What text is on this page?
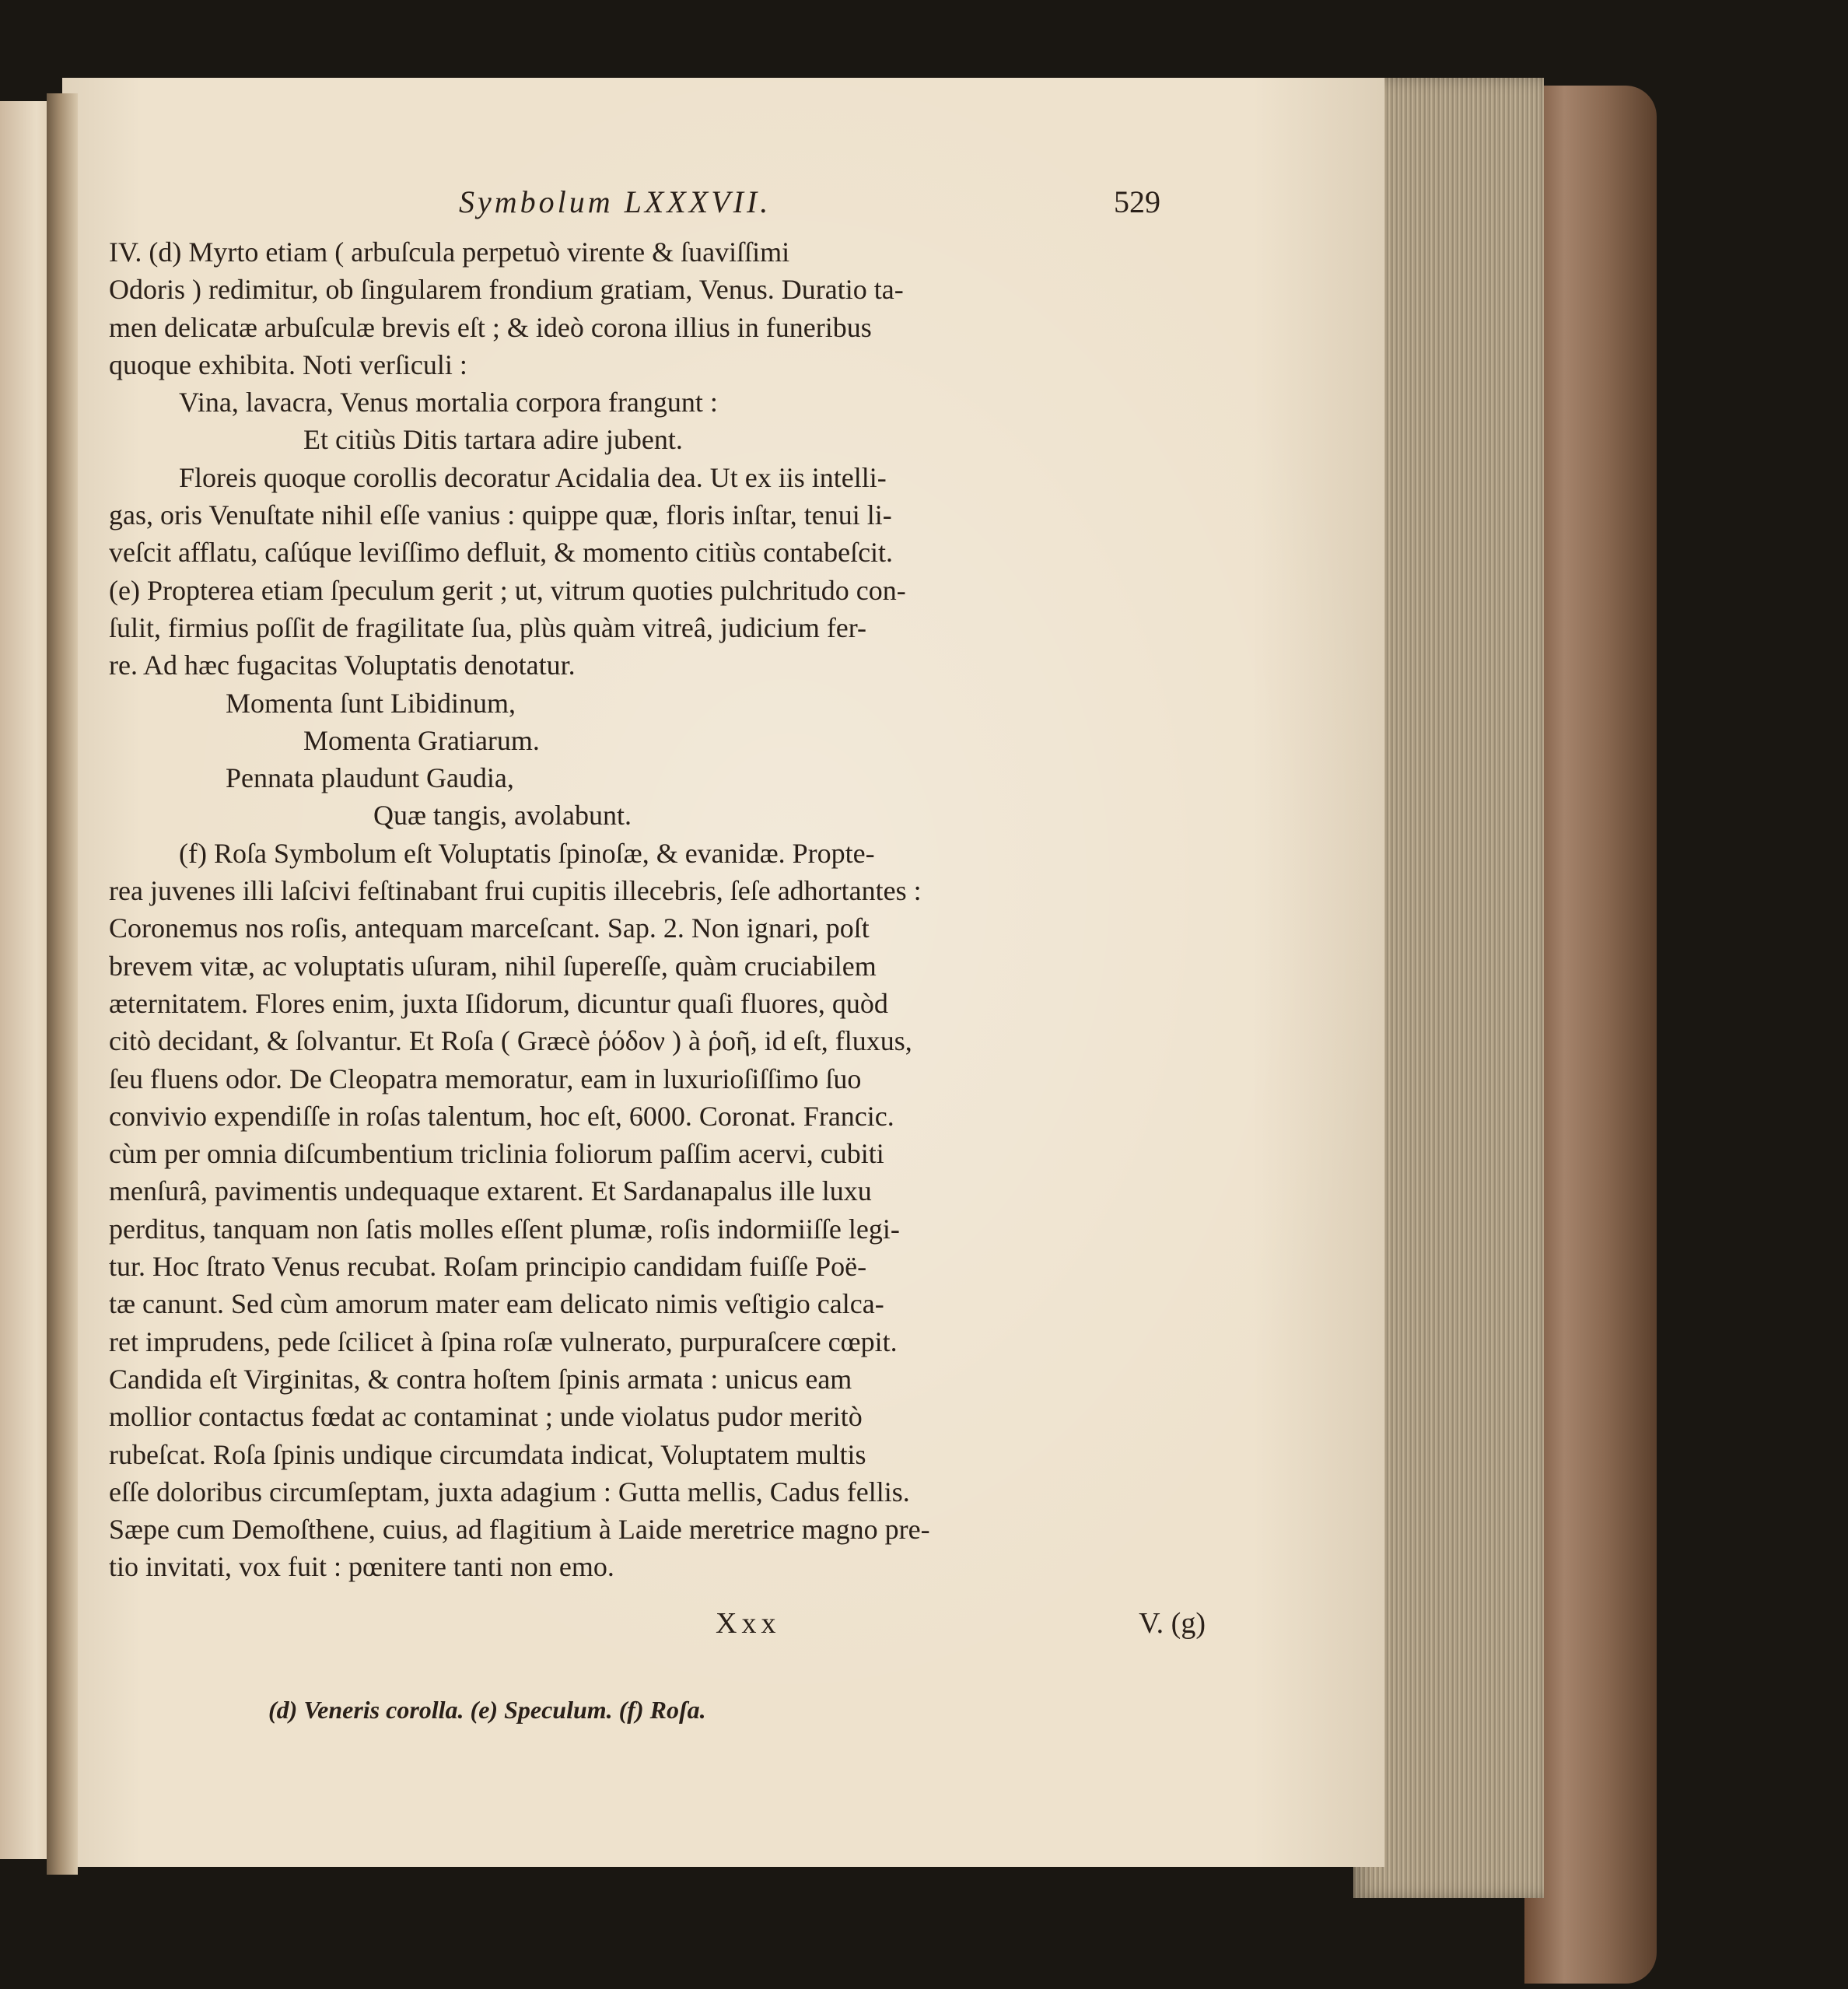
Symbolum LXXXVII.	529
IV. (d) Myrto etiam ( arbuſcula perpetuò virente & ſuaviſſimi
Odoris ) redimitur, ob ſingularem frondium gratiam, Venus. Duratio ta-
men delicatæ arbuſculæ brevis eſt ; & ideò corona illius in funeribus
quoque exhibita. Noti verſiculi :
Vina, lavacra, Venus mortalia corpora frangunt :
Et citiùs Ditis tartara adire jubent.
Floreis quoque corollis decoratur Acidalia dea. Ut ex iis intelli-
gas, oris Venuſtate nihil eſſe vanius : quippe quæ, floris inſtar, tenui li-
veſcit afflatu, caſúque leviſſimo defluit, & momento citiùs contabeſcit.
(e) Propterea etiam ſpeculum gerit ; ut, vitrum quoties pulchritudo con-
ſulit, firmius poſſit de fragilitate ſua, plùs quàm vitreâ, judicium fer-
re. Ad hæc fugacitas Voluptatis denotatur.
Momenta ſunt Libidinum,
Momenta Gratiarum.
Pennata plaudunt Gaudia,
Quæ tangis, avolabunt.
(f) Roſa Symbolum eſt Voluptatis ſpinoſæ, & evanidæ. Propte-
rea juvenes illi laſcivi feſtinabant frui cupitis illecebris, ſeſe adhortantes :
Coronemus nos roſis, antequam marceſcant. Sap. 2. Non ignari, poſt
brevem vitæ, ac voluptatis uſuram, nihil ſupereſſe, quàm cruciabilem
æternitatem. Flores enim, juxta Iſidorum, dicuntur quaſi fluores, quòd
citò decidant, & ſolvantur. Et Roſa ( Græcè ῥόδον ) à ῥοῆ, id eſt, fluxus,
ſeu fluens odor. De Cleopatra memoratur, eam in luxurioſiſſimo ſuo
convivio expendiſſe in roſas talentum, hoc eſt, 6000. Coronat. Francic.
cùm per omnia diſcumbentium triclinia foliorum paſſim acervi, cubiti
menſurâ, pavimentis undequaque extarent. Et Sardanapalus ille luxu
perditus, tanquam non ſatis molles eſſent plumæ, roſis indormiiſſe legi-
tur. Hoc ſtrato Venus recubat. Roſam principio candidam fuiſſe Poë-
tæ canunt. Sed cùm amorum mater eam delicato nimis veſtigio calca-
ret imprudens, pede ſcilicet à ſpina roſæ vulnerato, purpuraſcere cœpit.
Candida eſt Virginitas, & contra hoſtem ſpinis armata : unicus eam
mollior contactus fœdat ac contaminat ; unde violatus pudor meritò
rubeſcat. Roſa ſpinis undique circumdata indicat, Voluptatem multis
eſſe doloribus circumſeptam, juxta adagium : Gutta mellis, Cadus fellis.
Sæpe cum Demoſthene, cuius, ad flagitium à Laide meretrice magno pre-
tio invitati, vox fuit : pœnitere tanti non emo.
Xxx	V. (g)
(d) Veneris corolla. (e) Speculum. (f) Roſa.
